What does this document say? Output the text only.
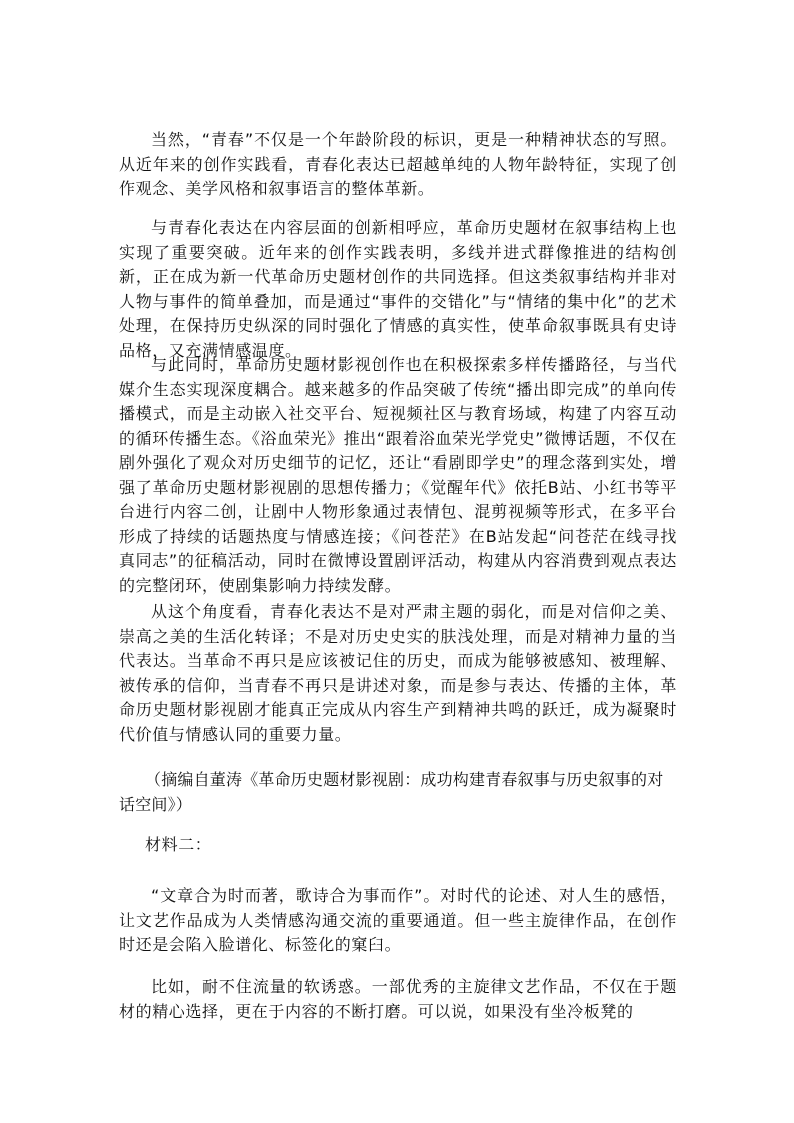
当然，“青春”不仅是一个年龄阶段的标识，更是一种精神状态的写照。从近年来的创作实践看，青春化表达已超越单纯的人物年龄特征，实现了创作观念、美学风格和叙事语言的整体革新。

与青春化表达在内容层面的创新相呼应，革命历史题材在叙事结构上也实现了重要突破。近年来的创作实践表明，多线并进式群像推进的结构创新，正在成为新一代革命历史题材创作的共同选择。但这类叙事结构并非对人物与事件的简单叠加，而是通过“事件的交错化”与“情绪的集中化”的艺术处理，在保持历史纵深的同时强化了情感的真实性，使革命叙事既具有史诗品格，又充满情感温度。

与此同时，革命历史题材影视创作也在积极探索多样传播路径，与当代媒介生态实现深度耦合。越来越多的作品突破了传统“播出即完成”的单向传播模式，而是主动嵌入社交平台、短视频社区与教育场域，构建了内容互动的循环传播生态。《浴血荣光》推出“跟着浴血荣光学党史”微博话题，不仅在剧外强化了观众对历史细节的记忆，还让“看剧即学史”的理念落到实处，增强了革命历史题材影视剧的思想传播力；《觉醒年代》依托B站、小红书等平台进行内容二创，让剧中人物形象通过表情包、混剪视频等形式，在多平台形成了持续的话题热度与情感连接；《问苍茫》在B站发起“问苍茫在线寻找真同志”的征稿活动，同时在微博设置剧评活动，构建从内容消费到观点表达的完整闭环，使剧集影响力持续发酵。

从这个角度看，青春化表达不是对严肃主题的弱化，而是对信仰之美、崇高之美的生活化转译；不是对历史史实的肤浅处理，而是对精神力量的当代表达。当革命不再只是应该被记住的历史，而成为能够被感知、被理解、被传承的信仰，当青春不再只是讲述对象，而是参与表达、传播的主体，革命历史题材影视剧才能真正完成从内容生产到精神共鸣的跃迁，成为凝聚时代价值与情感认同的重要力量。

（摘编自董涛《革命历史题材影视剧：成功构建青春叙事与历史叙事的对话空间》）

材料二：

“文章合为时而著，歌诗合为事而作”。对时代的论述、对人生的感悟，让文艺作品成为人类情感沟通交流的重要通道。但一些主旋律作品，在创作时还是会陷入脸谱化、标签化的窠臼。

比如，耐不住流量的软诱惑。一部优秀的主旋律文艺作品，不仅在于题材的精心选择，更在于内容的不断打磨。可以说，如果没有坐冷板凳的
